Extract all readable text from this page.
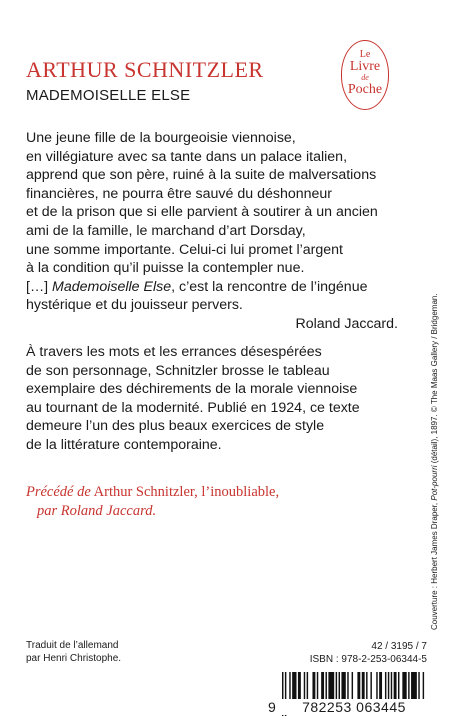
ARTHUR SCHNITZLER
MADEMOISELLE ELSE
Le
Livre
de
Poche

Une jeune fille de la bourgeoisie viennoise,

en villégiature avec sa tante dans un palace italien,

apprend que son père, ruiné à la suite de malversations

financières, ne pourra être sauvé du déshonneur

et de la prison que si elle parvient à soutirer à un ancien

ami de la famille, le marchand d’art Dorsday,

une somme importante. Celui-ci lui promet l’argent

à la condition qu’il puisse la contempler nue.

[…] Mademoiselle Else, c’est la rencontre de l’ingénue

hystérique et du jouisseur pervers.

Roland Jaccard.

À travers les mots et les errances désespérées

de son personnage, Schnitzler brosse le tableau

exemplaire des déchirements de la morale viennoise

au tournant de la modernité. Publié en 1924, ce texte

demeure l’un des plus beaux exercices de style

de la littérature contemporaine.

Précédé de Arthur Schnitzler, l’inoubliable,

par Roland Jaccard.	Couverture : Herbert James Draper, Pot-pourri (détail), 1897. © The Maas Gallery / Bridgeman.
Traduit de l’allemand
par Henri Christophe.
42 / 3195 / 7
ISBN : 978-2-253-06344-5
9	782253 063445
